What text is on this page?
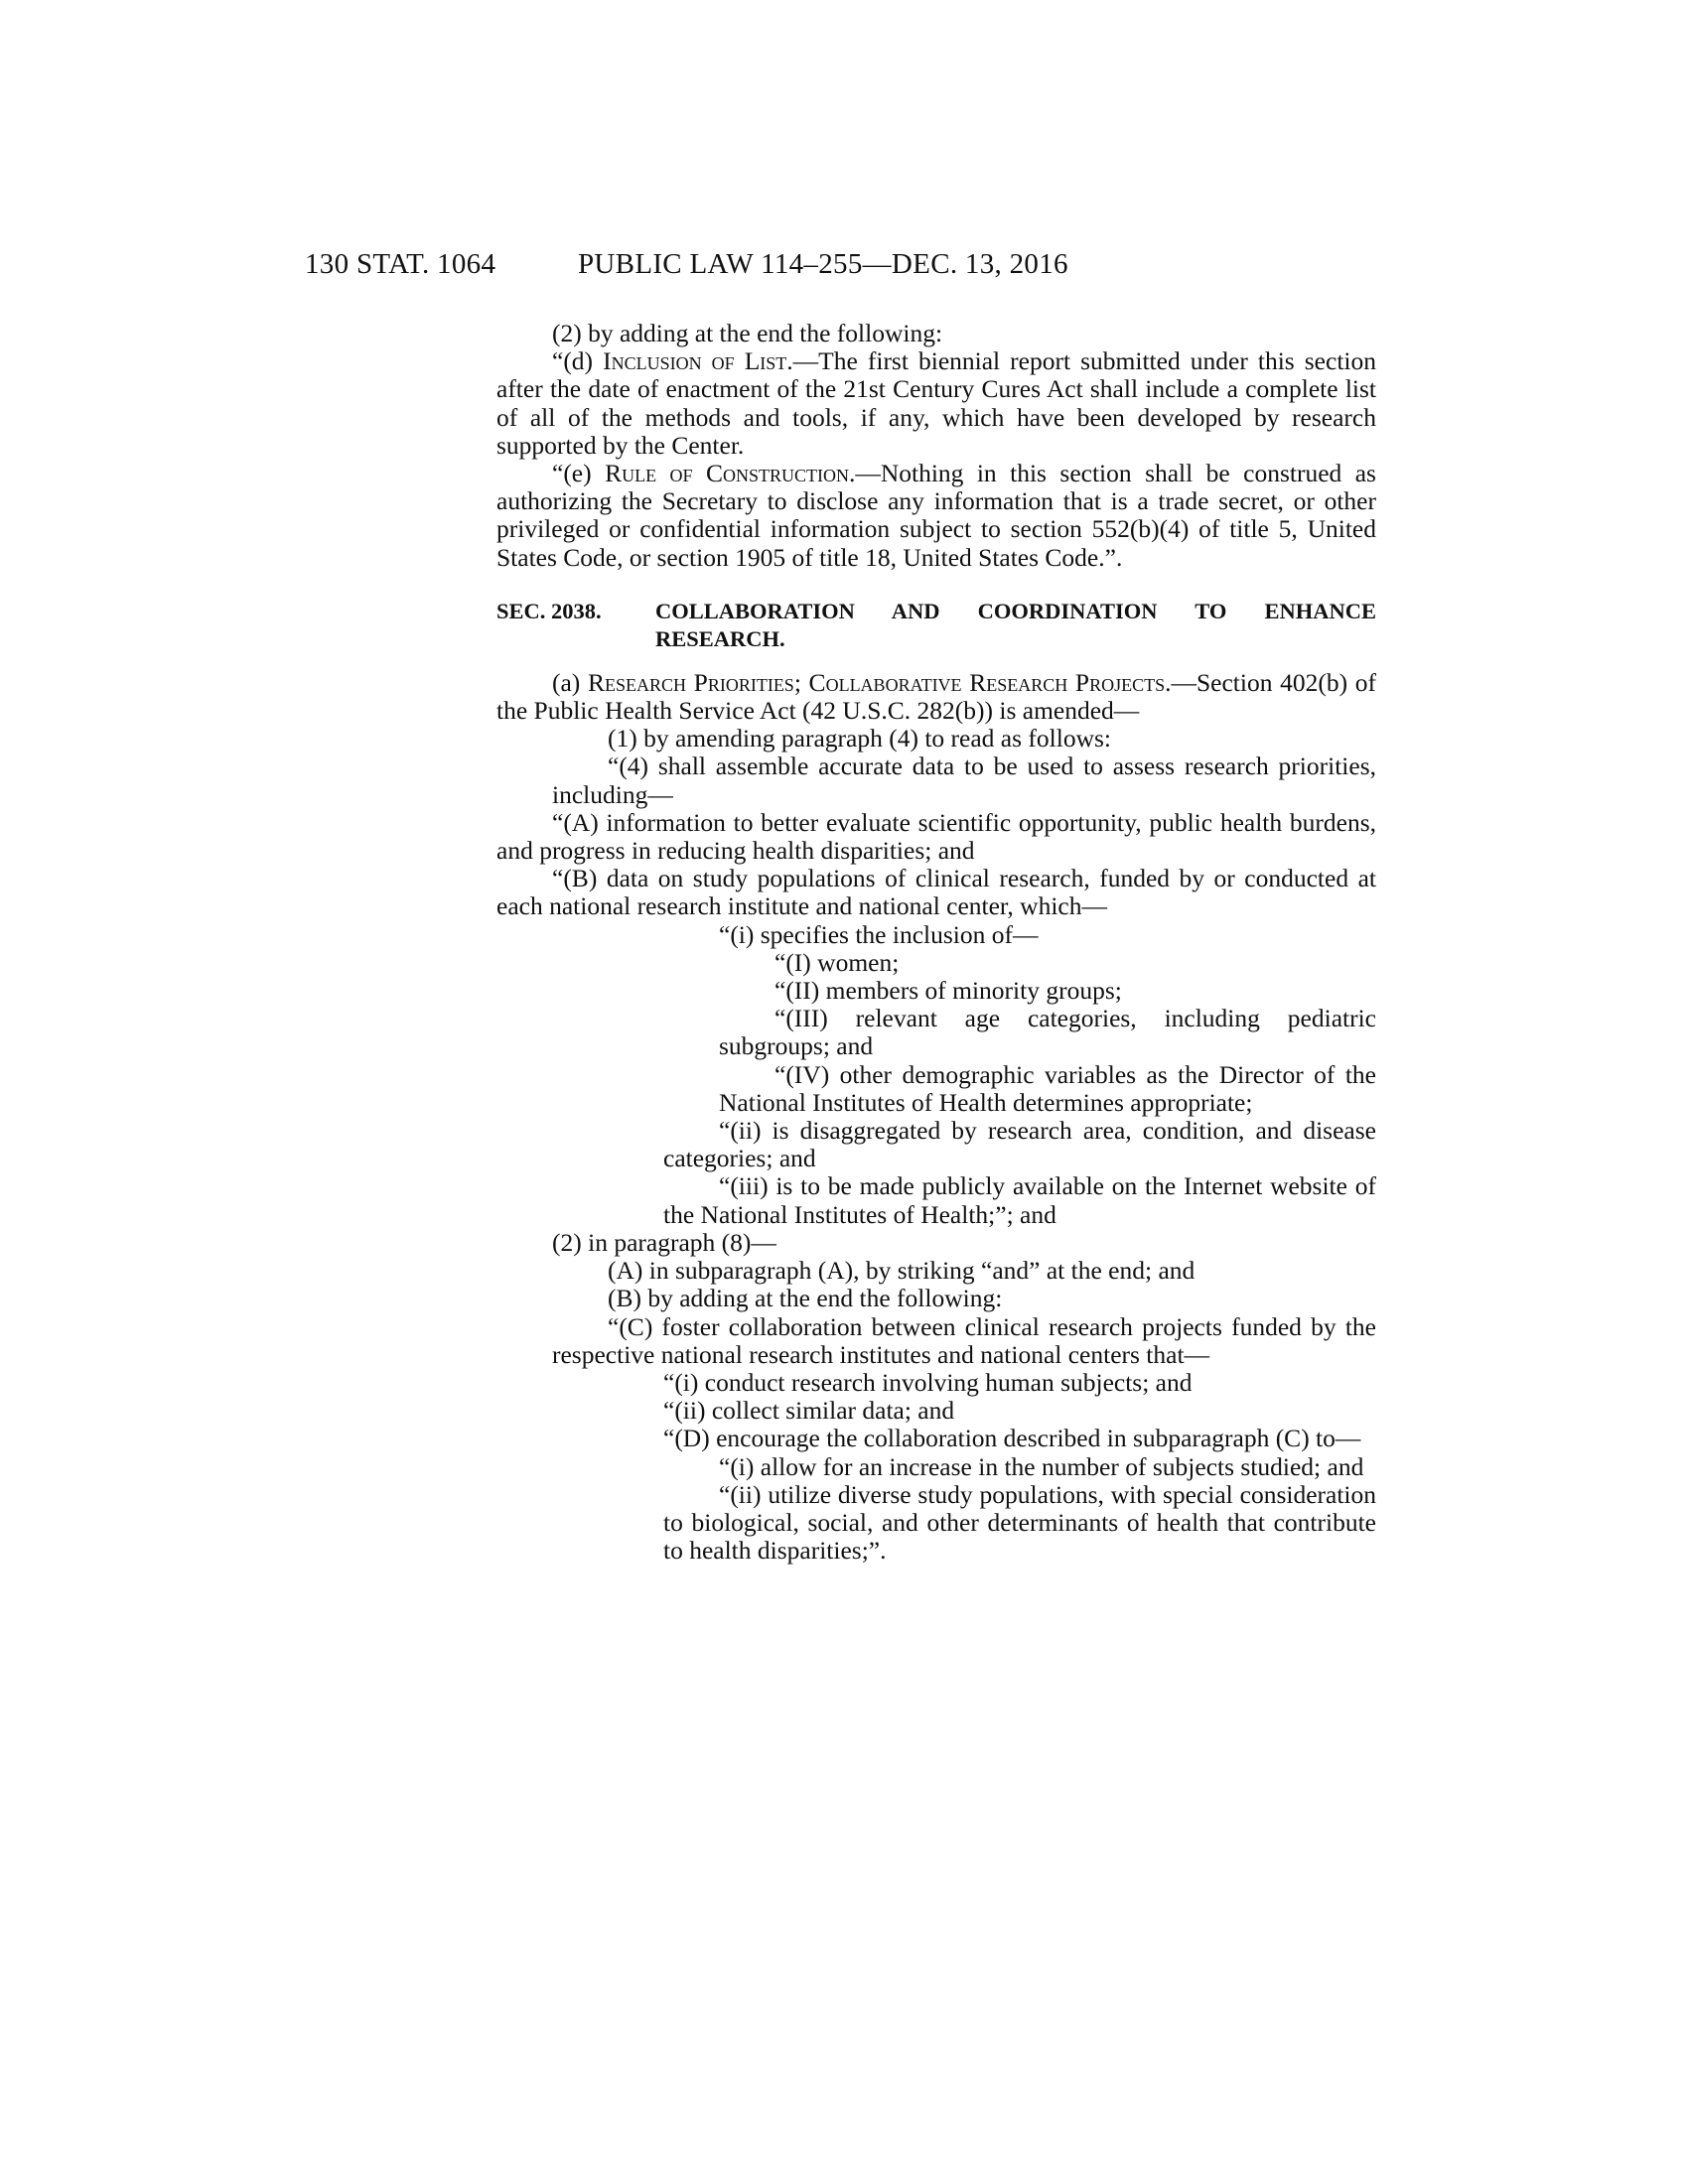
130 STAT. 1064	PUBLIC LAW 114–255—DEC. 13, 2016

(2) by adding at the end the following:

“(d) Inclusion of List.—The first biennial report submitted under this section after the date of enactment of the 21st Century Cures Act shall include a complete list of all of the methods and tools, if any, which have been developed by research supported by the Center.

“(e) Rule of Construction.—Nothing in this section shall be construed as authorizing the Secretary to disclose any information that is a trade secret, or other privileged or confidential information subject to section 552(b)(4) of title 5, United States Code, or section 1905 of title 18, United States Code.”.

SEC. 2038. COLLABORATION AND COORDINATION TO ENHANCE RESEARCH.

(a) Research Priorities; Collaborative Research Projects.—Section 402(b) of the Public Health Service Act (42 U.S.C. 282(b)) is amended—

(1) by amending paragraph (4) to read as follows:

“(4) shall assemble accurate data to be used to assess research priorities, including—

“(A) information to better evaluate scientific opportunity, public health burdens, and progress in reducing health disparities; and

“(B) data on study populations of clinical research, funded by or conducted at each national research institute and national center, which—

“(i) specifies the inclusion of—

“(I) women;

“(II) members of minority groups;

“(III) relevant age categories, including pediatric subgroups; and

“(IV) other demographic variables as the Director of the National Institutes of Health determines appropriate;

“(ii) is disaggregated by research area, condition, and disease categories; and

“(iii) is to be made publicly available on the Internet website of the National Institutes of Health;”; and

(2) in paragraph (8)—

(A) in subparagraph (A), by striking “and” at the end; and

(B) by adding at the end the following:

“(C) foster collaboration between clinical research projects funded by the respective national research institutes and national centers that—

“(i) conduct research involving human subjects; and

“(ii) collect similar data; and

“(D) encourage the collaboration described in subparagraph (C) to—

“(i) allow for an increase in the number of subjects studied; and

“(ii) utilize diverse study populations, with special consideration to biological, social, and other determinants of health that contribute to health disparities;”.
